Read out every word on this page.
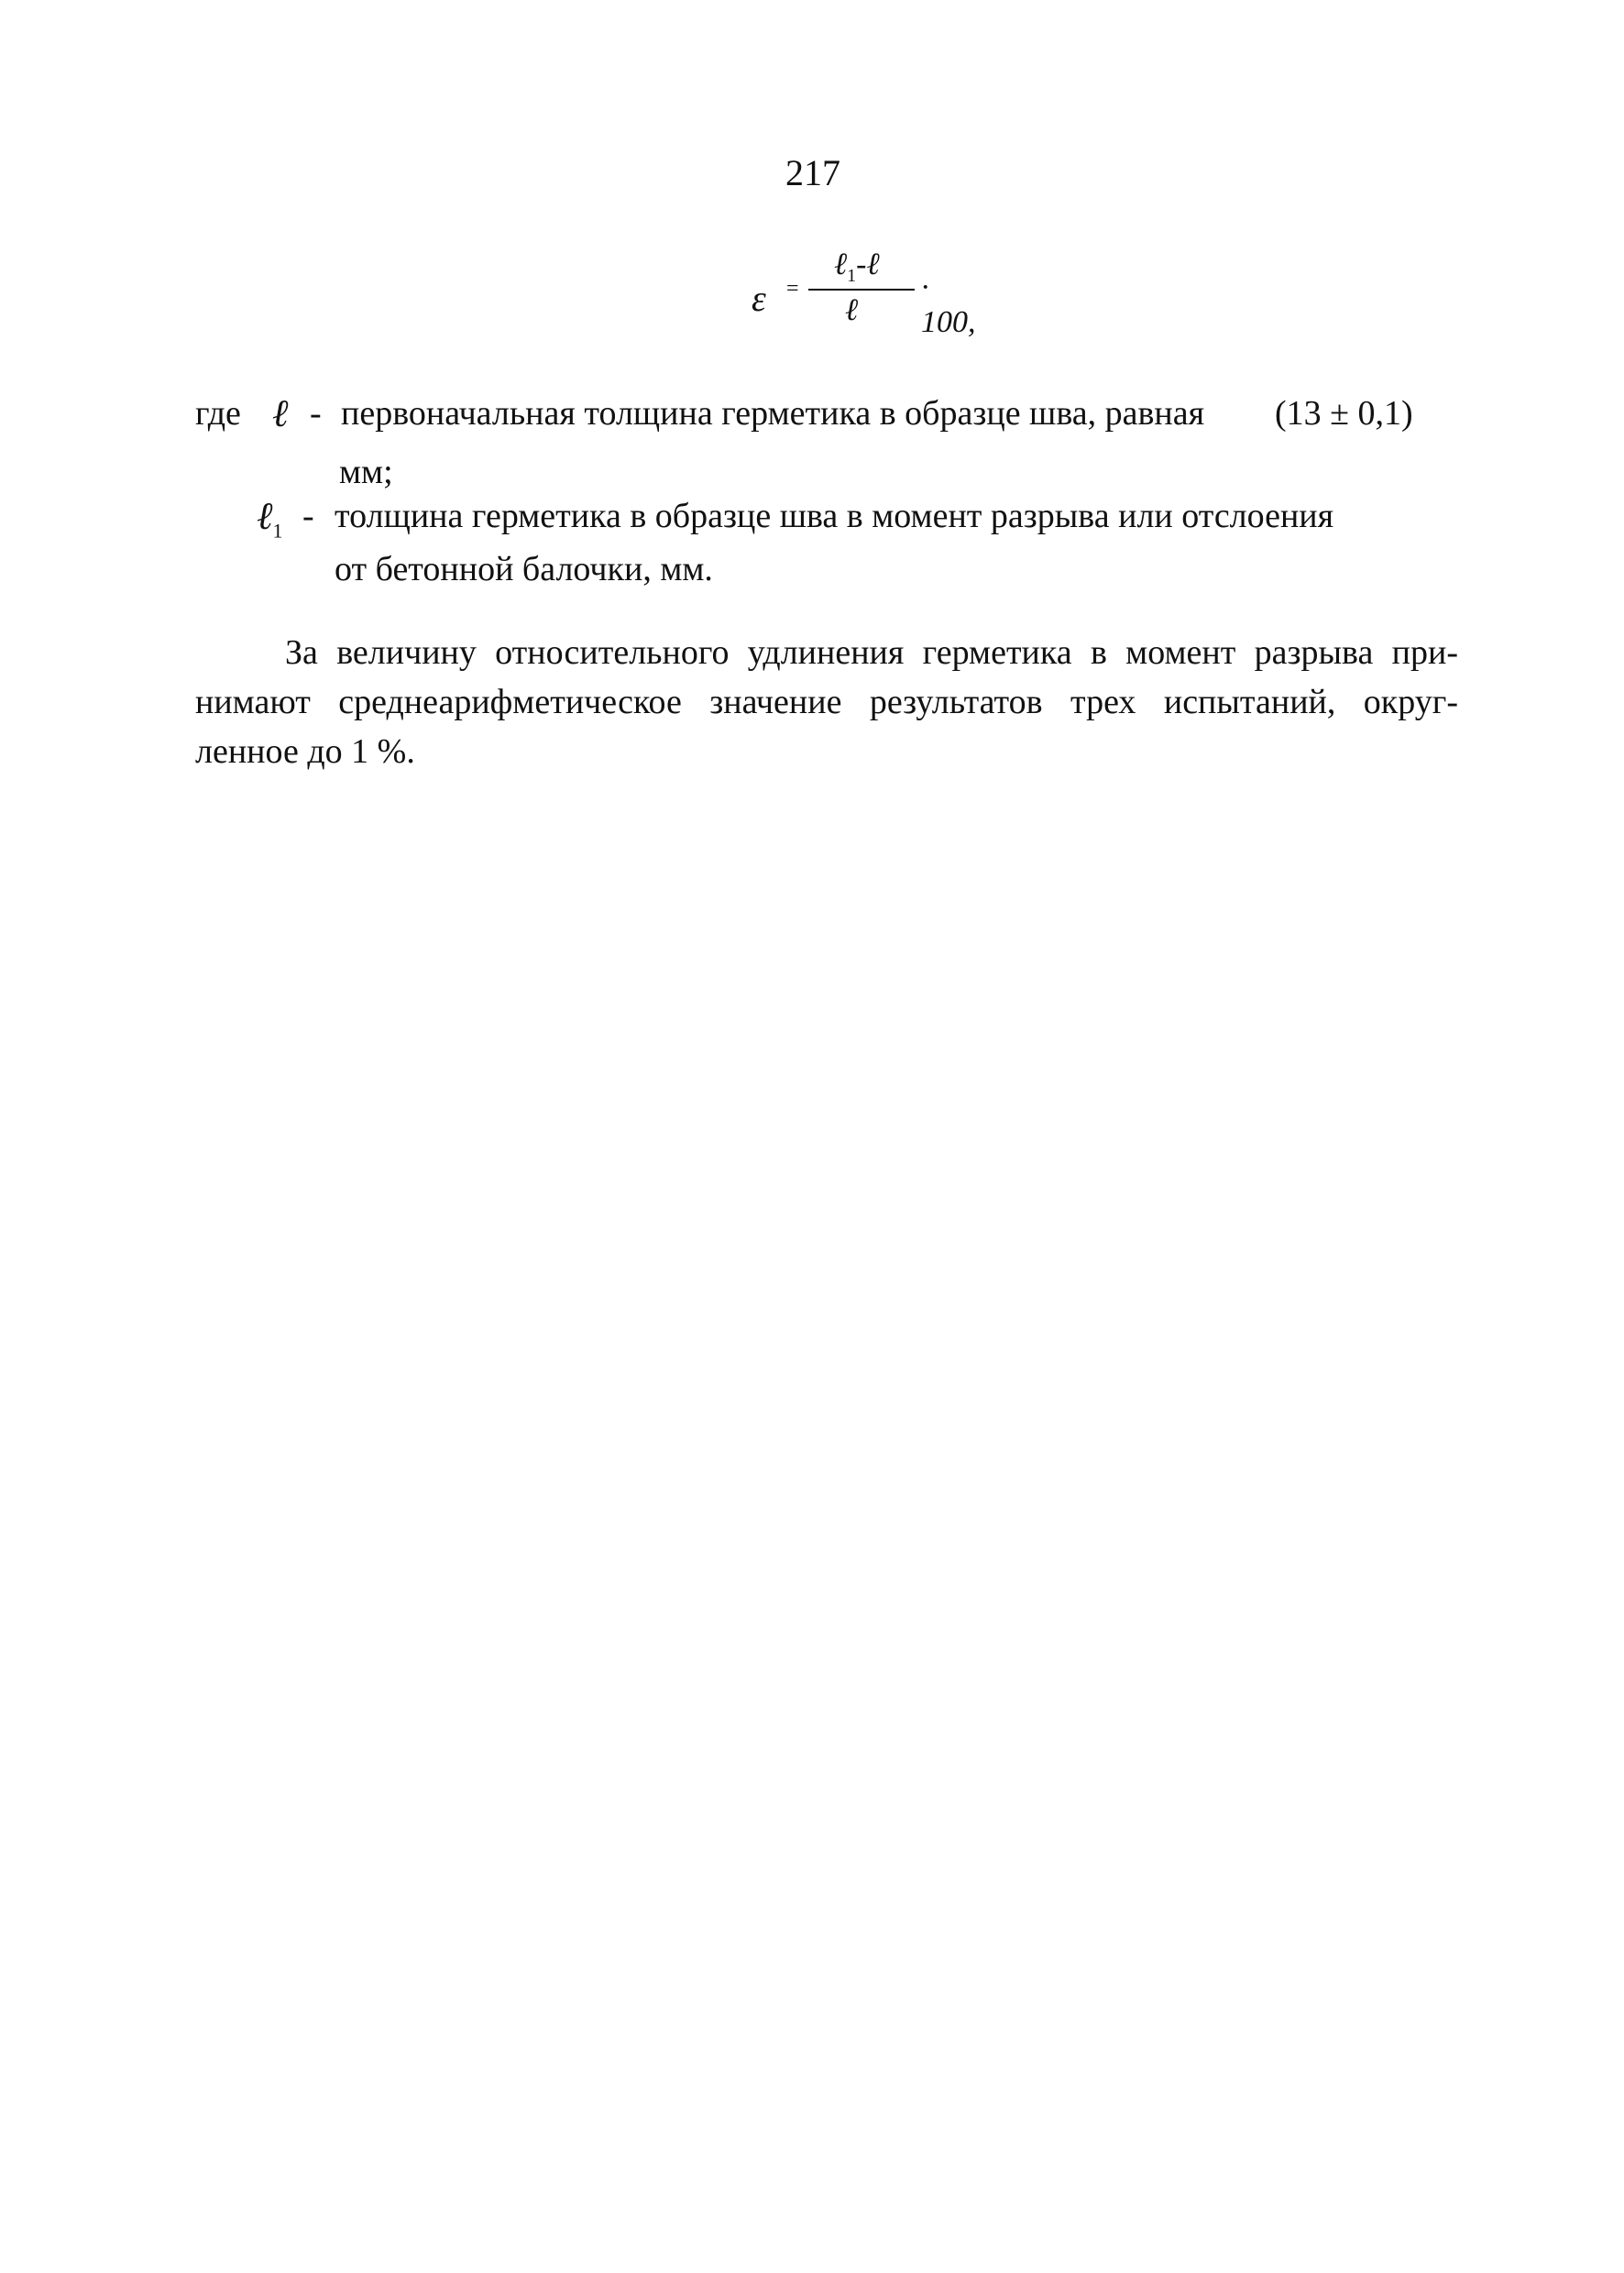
217
ε =
ℓ$_1$-ℓ
ℓ
· 100,
где ℓ - первоначальная толщина герметика в образце шва, равная (13 ± 0,1)
мм;
ℓ$_1$ - толщина герметика в образце шва в момент разрыва или отслоения
от бетонной балочки, мм.
За величину относительного удлинения герметика в момент разрыва при-
нимают среднеарифметическое значение результатов трех испытаний, округ-
ленное до 1 %.
